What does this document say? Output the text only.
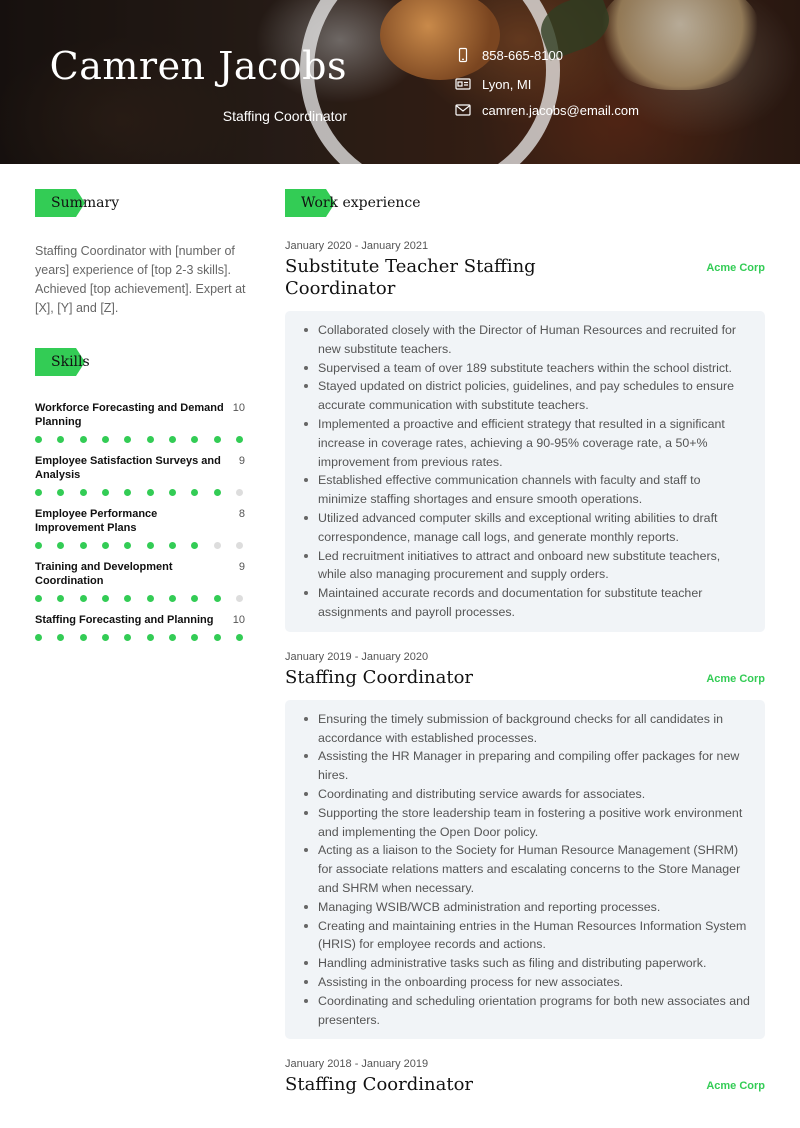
Camren Jacobs
Staffing Coordinator
858-665-8100
Lyon, MI
camren.jacobs@email.com
Summary
Staffing Coordinator with [number of years] experience of [top 2-3 skills]. Achieved [top achievement]. Expert at [X], [Y] and [Z].
Skills
Workforce Forecasting and Demand Planning
10
Employee Satisfaction Surveys and Analysis
9
Employee Performance Improvement Plans
8
Training and Development Coordination
9
Staffing Forecasting and Planning	10
Work experience
January 2020 - January 2021
Substitute Teacher Staffing Coordinator
Acme Corp
Collaborated closely with the Director of Human Resources and recruited for new substitute teachers.
Supervised a team of over 189 substitute teachers within the school district.
Stayed updated on district policies, guidelines, and pay schedules to ensure accurate communication with substitute teachers.
Implemented a proactive and efficient strategy that resulted in a significant increase in coverage rates, achieving a 90-95% coverage rate, a 50+% improvement from previous rates.
Established effective communication channels with faculty and staff to minimize staffing shortages and ensure smooth operations.
Utilized advanced computer skills and exceptional writing abilities to draft correspondence, manage call logs, and generate monthly reports.
Led recruitment initiatives to attract and onboard new substitute teachers, while also managing procurement and supply orders.
Maintained accurate records and documentation for substitute teacher assignments and payroll processes.
January 2019 - January 2020
Staffing Coordinator	Acme Corp
Ensuring the timely submission of background checks for all candidates in accordance with established processes.
Assisting the HR Manager in preparing and compiling offer packages for new hires.
Coordinating and distributing service awards for associates.
Supporting the store leadership team in fostering a positive work environment and implementing the Open Door policy.
Acting as a liaison to the Society for Human Resource Management (SHRM) for associate relations matters and escalating concerns to the Store Manager and SHRM when necessary.
Managing WSIB/WCB administration and reporting processes.
Creating and maintaining entries in the Human Resources Information System (HRIS) for employee records and actions.
Handling administrative tasks such as filing and distributing paperwork.
Assisting in the onboarding process for new associates.
Coordinating and scheduling orientation programs for both new associates and presenters.
January 2018 - January 2019
Staffing Coordinator	Acme Corp
